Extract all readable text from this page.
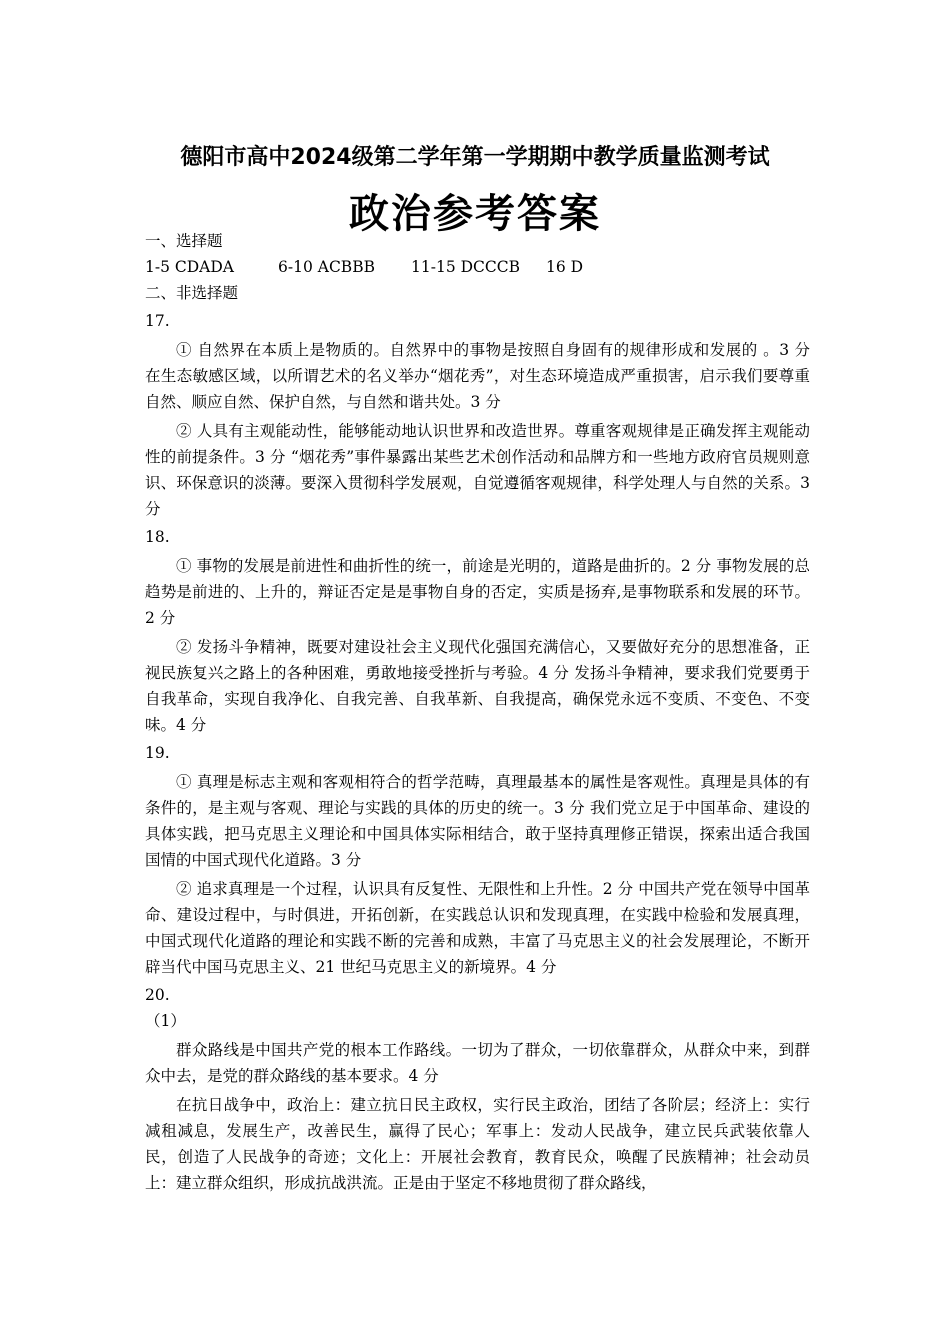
德阳市高中2024级第二学年第一学期期中教学质量监测考试
政治参考答案
一、选择题
1-5 CDADA	6-10 ACBBB	11-15 DCCCB	16 D
二、非选择题
17.

① 自然界在本质上是物质的。自然界中的事物是按照自身固有的规律形成和发展的 。3 分 在生态敏感区域，以所谓艺术的名义举办“烟花秀”，对生态环境造成严重损害，启示我们要尊重自然、顺应自然、保护自然，与自然和谐共处。3 分

② 人具有主观能动性，能够能动地认识世界和改造世界。尊重客观规律是正确发挥主观能动性的前提条件。3 分 “烟花秀”事件暴露出某些艺术创作活动和品牌方和一些地方政府官员规则意识、环保意识的淡薄。要深入贯彻科学发展观，自觉遵循客观规律，科学处理人与自然的关系。3 分

18.

① 事物的发展是前进性和曲折性的统一，前途是光明的，道路是曲折的。2 分 事物发展的总趋势是前进的、上升的，辩证否定是是事物自身的否定，实质是扬弃,是事物联系和发展的环节。2 分

② 发扬斗争精神，既要对建设社会主义现代化强国充满信心，又要做好充分的思想准备，正视民族复兴之路上的各种困难，勇敢地接受挫折与考验。4 分 发扬斗争精神，要求我们党要勇于自我革命，实现自我净化、自我完善、自我革新、自我提高，确保党永远不变质、不变色、不变味。4 分

19.

① 真理是标志主观和客观相符合的哲学范畴，真理最基本的属性是客观性。真理是具体的有条件的，是主观与客观、理论与实践的具体的历史的统一。3 分 我们党立足于中国革命、建设的具体实践，把马克思主义理论和中国具体实际相结合，敢于坚持真理修正错误，探索出适合我国国情的中国式现代化道路。3 分

② 追求真理是一个过程，认识具有反复性、无限性和上升性。2 分 中国共产党在领导中国革命、建设过程中，与时俱进，开拓创新，在实践总认识和发现真理，在实践中检验和发展真理，中国式现代化道路的理论和实践不断的完善和成熟，丰富了马克思主义的社会发展理论，不断开辟当代中国马克思主义、21 世纪马克思主义的新境界。4 分

20.
（1）

群众路线是中国共产党的根本工作路线。一切为了群众，一切依靠群众，从群众中来，到群众中去，是党的群众路线的基本要求。4 分

在抗日战争中，政治上：建立抗日民主政权，实行民主政治，团结了各阶层；经济上：实行减租减息，发展生产，改善民生，赢得了民心；军事上：发动人民战争，建立民兵武装依靠人民，创造了人民战争的奇迹；文化上：开展社会教育，教育民众，唤醒了民族精神；社会动员上：建立群众组织，形成抗战洪流。正是由于坚定不移地贯彻了群众路线，
